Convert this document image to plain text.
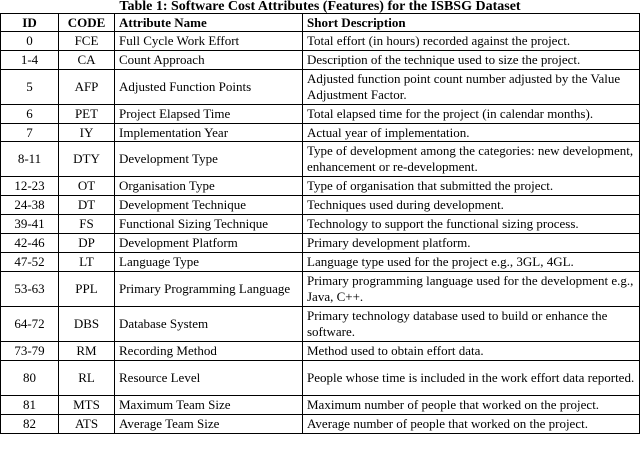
Table 1: Software Cost Attributes (Features) for the ISBSG Dataset
ID	CODE	Attribute Name	Short Description
0	FCE	Full Cycle Work Effort	Total effort (in hours) recorded against the project.
1-4	CA	Count Approach	Description of the technique used to size the project.
5	AFP	Adjusted Function Points	Adjusted function point count number adjusted by the Value Adjustment Factor.
6	PET	Project Elapsed Time	Total elapsed time for the project (in calendar months).
7	IY	Implementation Year	Actual year of implementation.
8-11	DTY	Development Type	Type of development among the categories: new development, enhancement or re-development.
12-23	OT	Organisation Type	Type of organisation that submitted the project.
24-38	DT	Development Technique	Techniques used during development.
39-41	FS	Functional Sizing Technique	Technology to support the functional sizing process.
42-46	DP	Development Platform	Primary development platform.
47-52	LT	Language Type	Language type used for the project e.g., 3GL, 4GL.
53-63	PPL	Primary Programming Language	Primary programming language used for the development e.g., Java, C++.
64-72	DBS	Database System	Primary technology database used to build or enhance the software.
73-79	RM	Recording Method	Method used to obtain effort data.
80	RL	Resource Level	People whose time is included in the work effort data reported.
81	MTS	Maximum Team Size	Maximum number of people that worked on the project.
82	ATS	Average Team Size	Average number of people that worked on the project.
